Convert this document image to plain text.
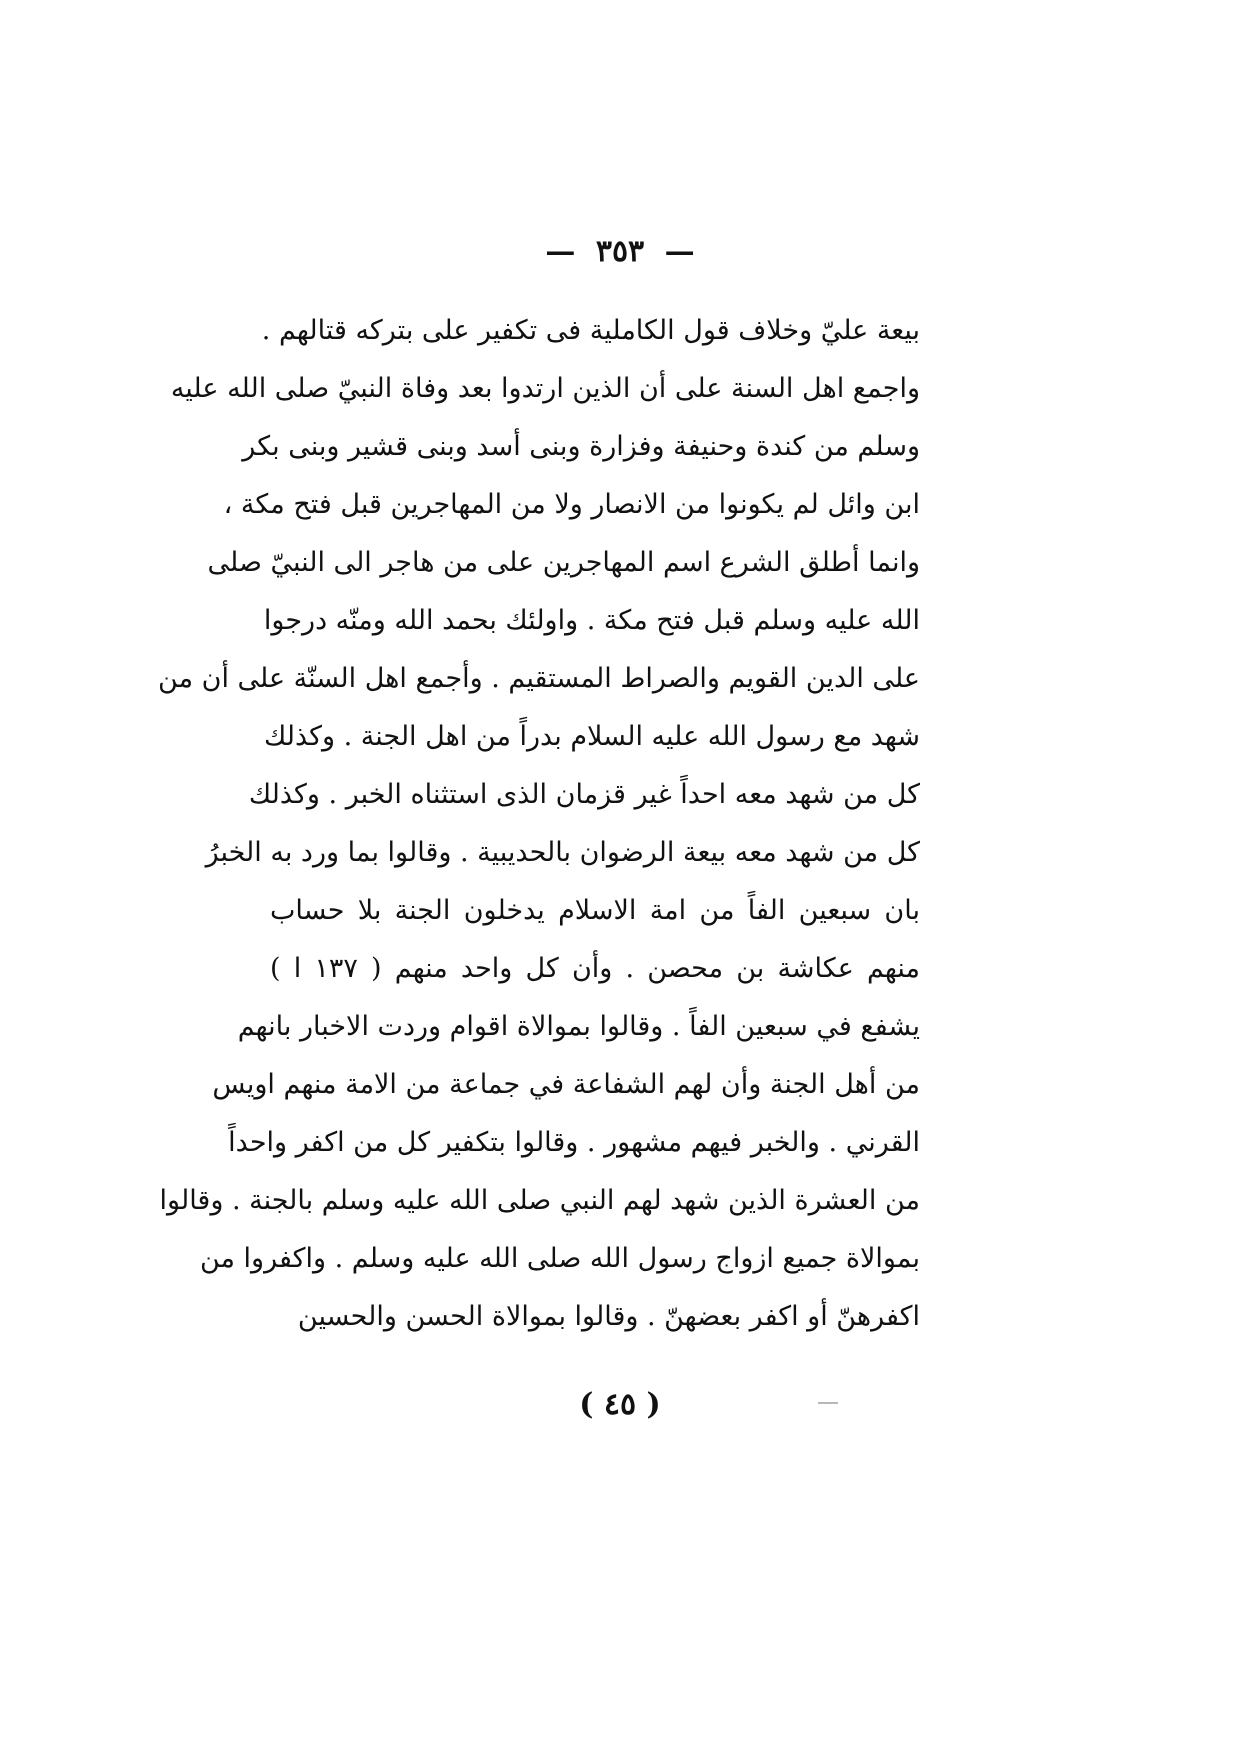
— ٣٥٣ —
بيعة عليّ وخلاف قول الكاملية فى تكفير على بتركه قتالهم .
واجمع اهل السنة على أن الذين ارتدوا بعد وفاة النبيّ صلى الله عليه
وسلم من كندة وحنيفة وفزارة وبنى أسد وبنى قشير وبنى بكر
ابن وائل لم يكونوا من الانصار ولا من المهاجرين قبل فتح مكة ،
وانما أطلق الشرع اسم المهاجرين على من هاجر الى النبيّ صلى
الله عليه وسلم قبل فتح مكة . واولئك بحمد الله ومنّه درجوا
على الدين القويم والصراط المستقيم . وأجمع اهل السنّة على أن من
شهد مع رسول الله عليه السلام بدراً من اهل الجنة . وكذلك
كل من شهد معه احداً غير قزمان الذى استثناه الخبر . وكذلك
كل من شهد معه بيعة الرضوان بالحديبية . وقالوا بما ورد به الخبرُ
بان سبعين الفاً من امة الاسلام يدخلون الجنة بلا حساب
منهم عكاشة بن محصن . وأن كل واحد منهم ( ١٣٧ ا )
يشفع في سبعين الفاً . وقالوا بموالاة اقوام وردت الاخبار بانهم
من أهل الجنة وأن لهم الشفاعة في جماعة من الامة منهم اويس
القرني . والخبر فيهم مشهور . وقالوا بتكفير كل من اكفر واحداً
من العشرة الذين شهد لهم النبي صلى الله عليه وسلم بالجنة . وقالوا
بموالاة جميع ازواج رسول الله صلى الله عليه وسلم . واكفروا من
اكفرهنّ أو اكفر بعضهنّ . وقالوا بموالاة الحسن والحسين
( ٤٥ )
